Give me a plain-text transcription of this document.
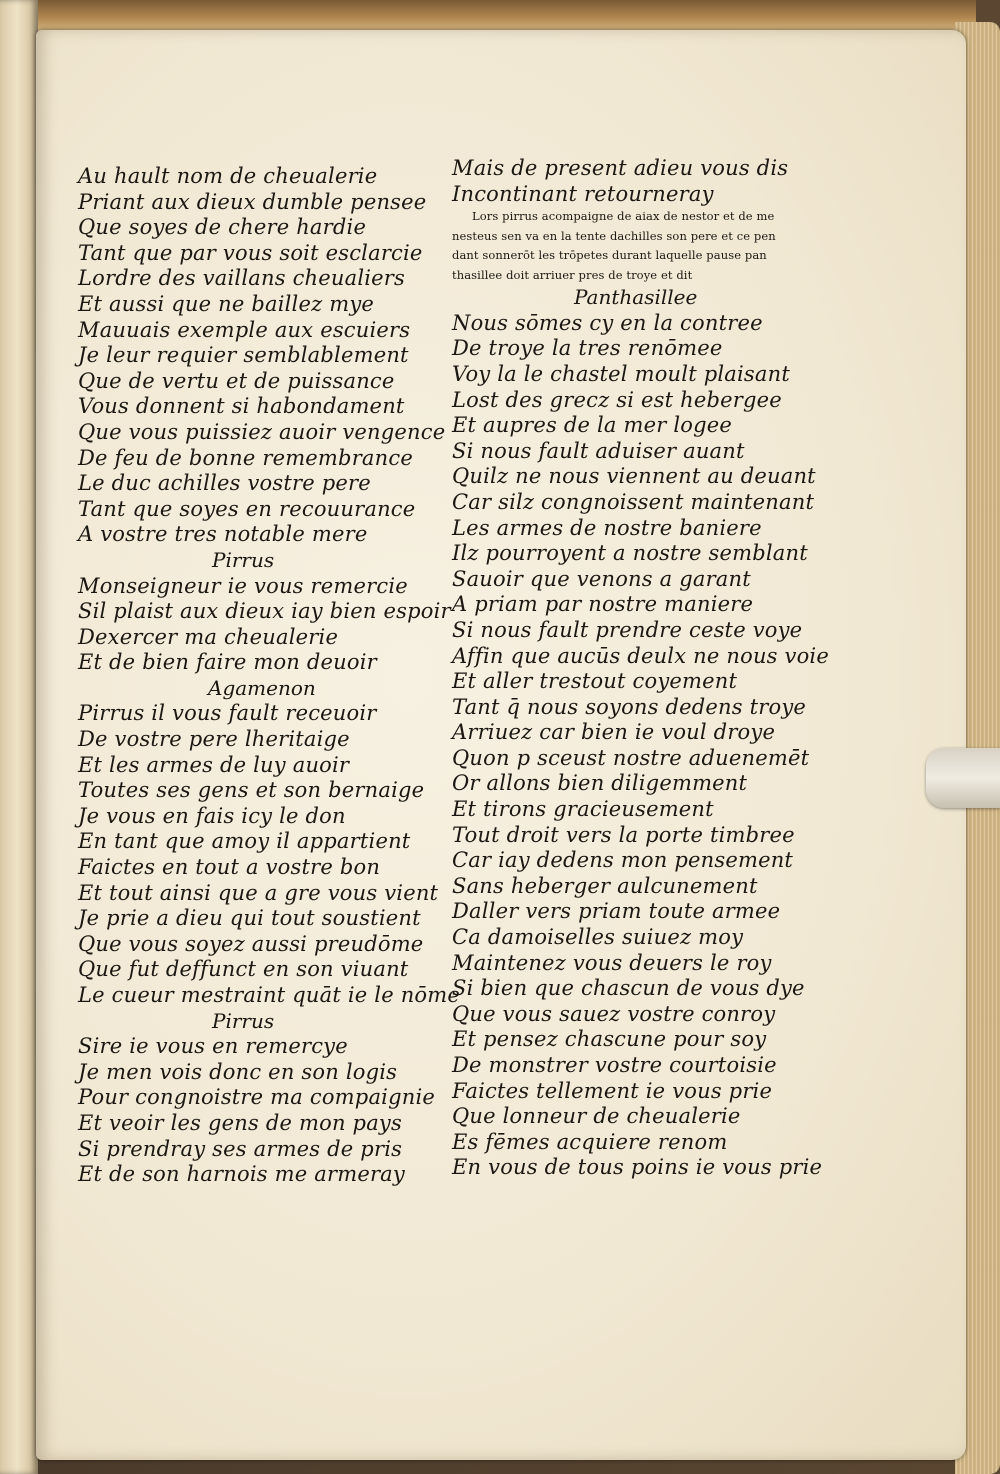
Au hault nom de cheualerie
Priant aux dieux dumble pensee
Que soyes de chere hardie
Tant que par vous soit esclarcie
Lordre des vaillans cheualiers
Et aussi que ne baillez mye
Mauuais exemple aux escuiers
Je leur requier semblablement
Que de vertu et de puissance
Vous donnent si habondament
Que vous puissiez auoir vengence
De feu de bonne remembrance
Le duc achilles vostre pere
Tant que soyes en recouurance
A vostre tres notable mere
Pirrus
Monseigneur ie vous remercie
Sil plaist aux dieux iay bien espoir
Dexercer ma cheualerie
Et de bien faire mon deuoir
Agamenon
Pirrus il vous fault receuoir
De vostre pere lheritaige
Et les armes de luy auoir
Toutes ses gens et son bernaige
Je vous en fais icy le don
En tant que amoy il appartient
Faictes en tout a vostre bon
Et tout ainsi que a gre vous vient
Je prie a dieu qui tout soustient
Que vous soyez aussi preudōme
Que fut deffunct en son viuant
Le cueur mestraint quāt ie le nōme
Pirrus
Sire ie vous en remercye
Je men vois donc en son logis
Pour congnoistre ma compaignie
Et veoir les gens de mon pays
Si prendray ses armes de pris
Et de son harnois me armeray
Mais de present adieu vous dis
Incontinant retourneray
Lors pirrus acompaigne de aiax de nestor et de me
nesteus sen va en la tente dachilles son pere et ce pen
dant sonnerōt les trōpetes durant laquelle pause pan
thasillee doit arriuer pres de troye et dit
Panthasillee
Nous sōmes cy en la contree
De troye la tres renōmee
Voy la le chastel moult plaisant
Lost des grecz si est hebergee
Et aupres de la mer logee
Si nous fault aduiser auant
Quilz ne nous viennent au deuant
Car silz congnoissent maintenant
Les armes de nostre baniere
Ilz pourroyent a nostre semblant
Sauoir que venons a garant
A priam par nostre maniere
Si nous fault prendre ceste voye
Affin que aucūs deulx ne nous voie
Et aller trestout coyement
Tant q̄ nous soyons dedens troye
Arriuez car bien ie voul droye
Quon p sceust nostre aduenemēt
Or allons bien diligemment
Et tirons gracieusement
Tout droit vers la porte timbree
Car iay dedens mon pensement
Sans heberger aulcunement
Daller vers priam toute armee
Ca damoiselles suiuez moy
Maintenez vous deuers le roy
Si bien que chascun de vous dye
Que vous sauez vostre conroy
Et pensez chascune pour soy
De monstrer vostre courtoisie
Faictes tellement ie vous prie
Que lonneur de cheualerie
Es fēmes acquiere renom
En vous de tous poins ie vous prie
